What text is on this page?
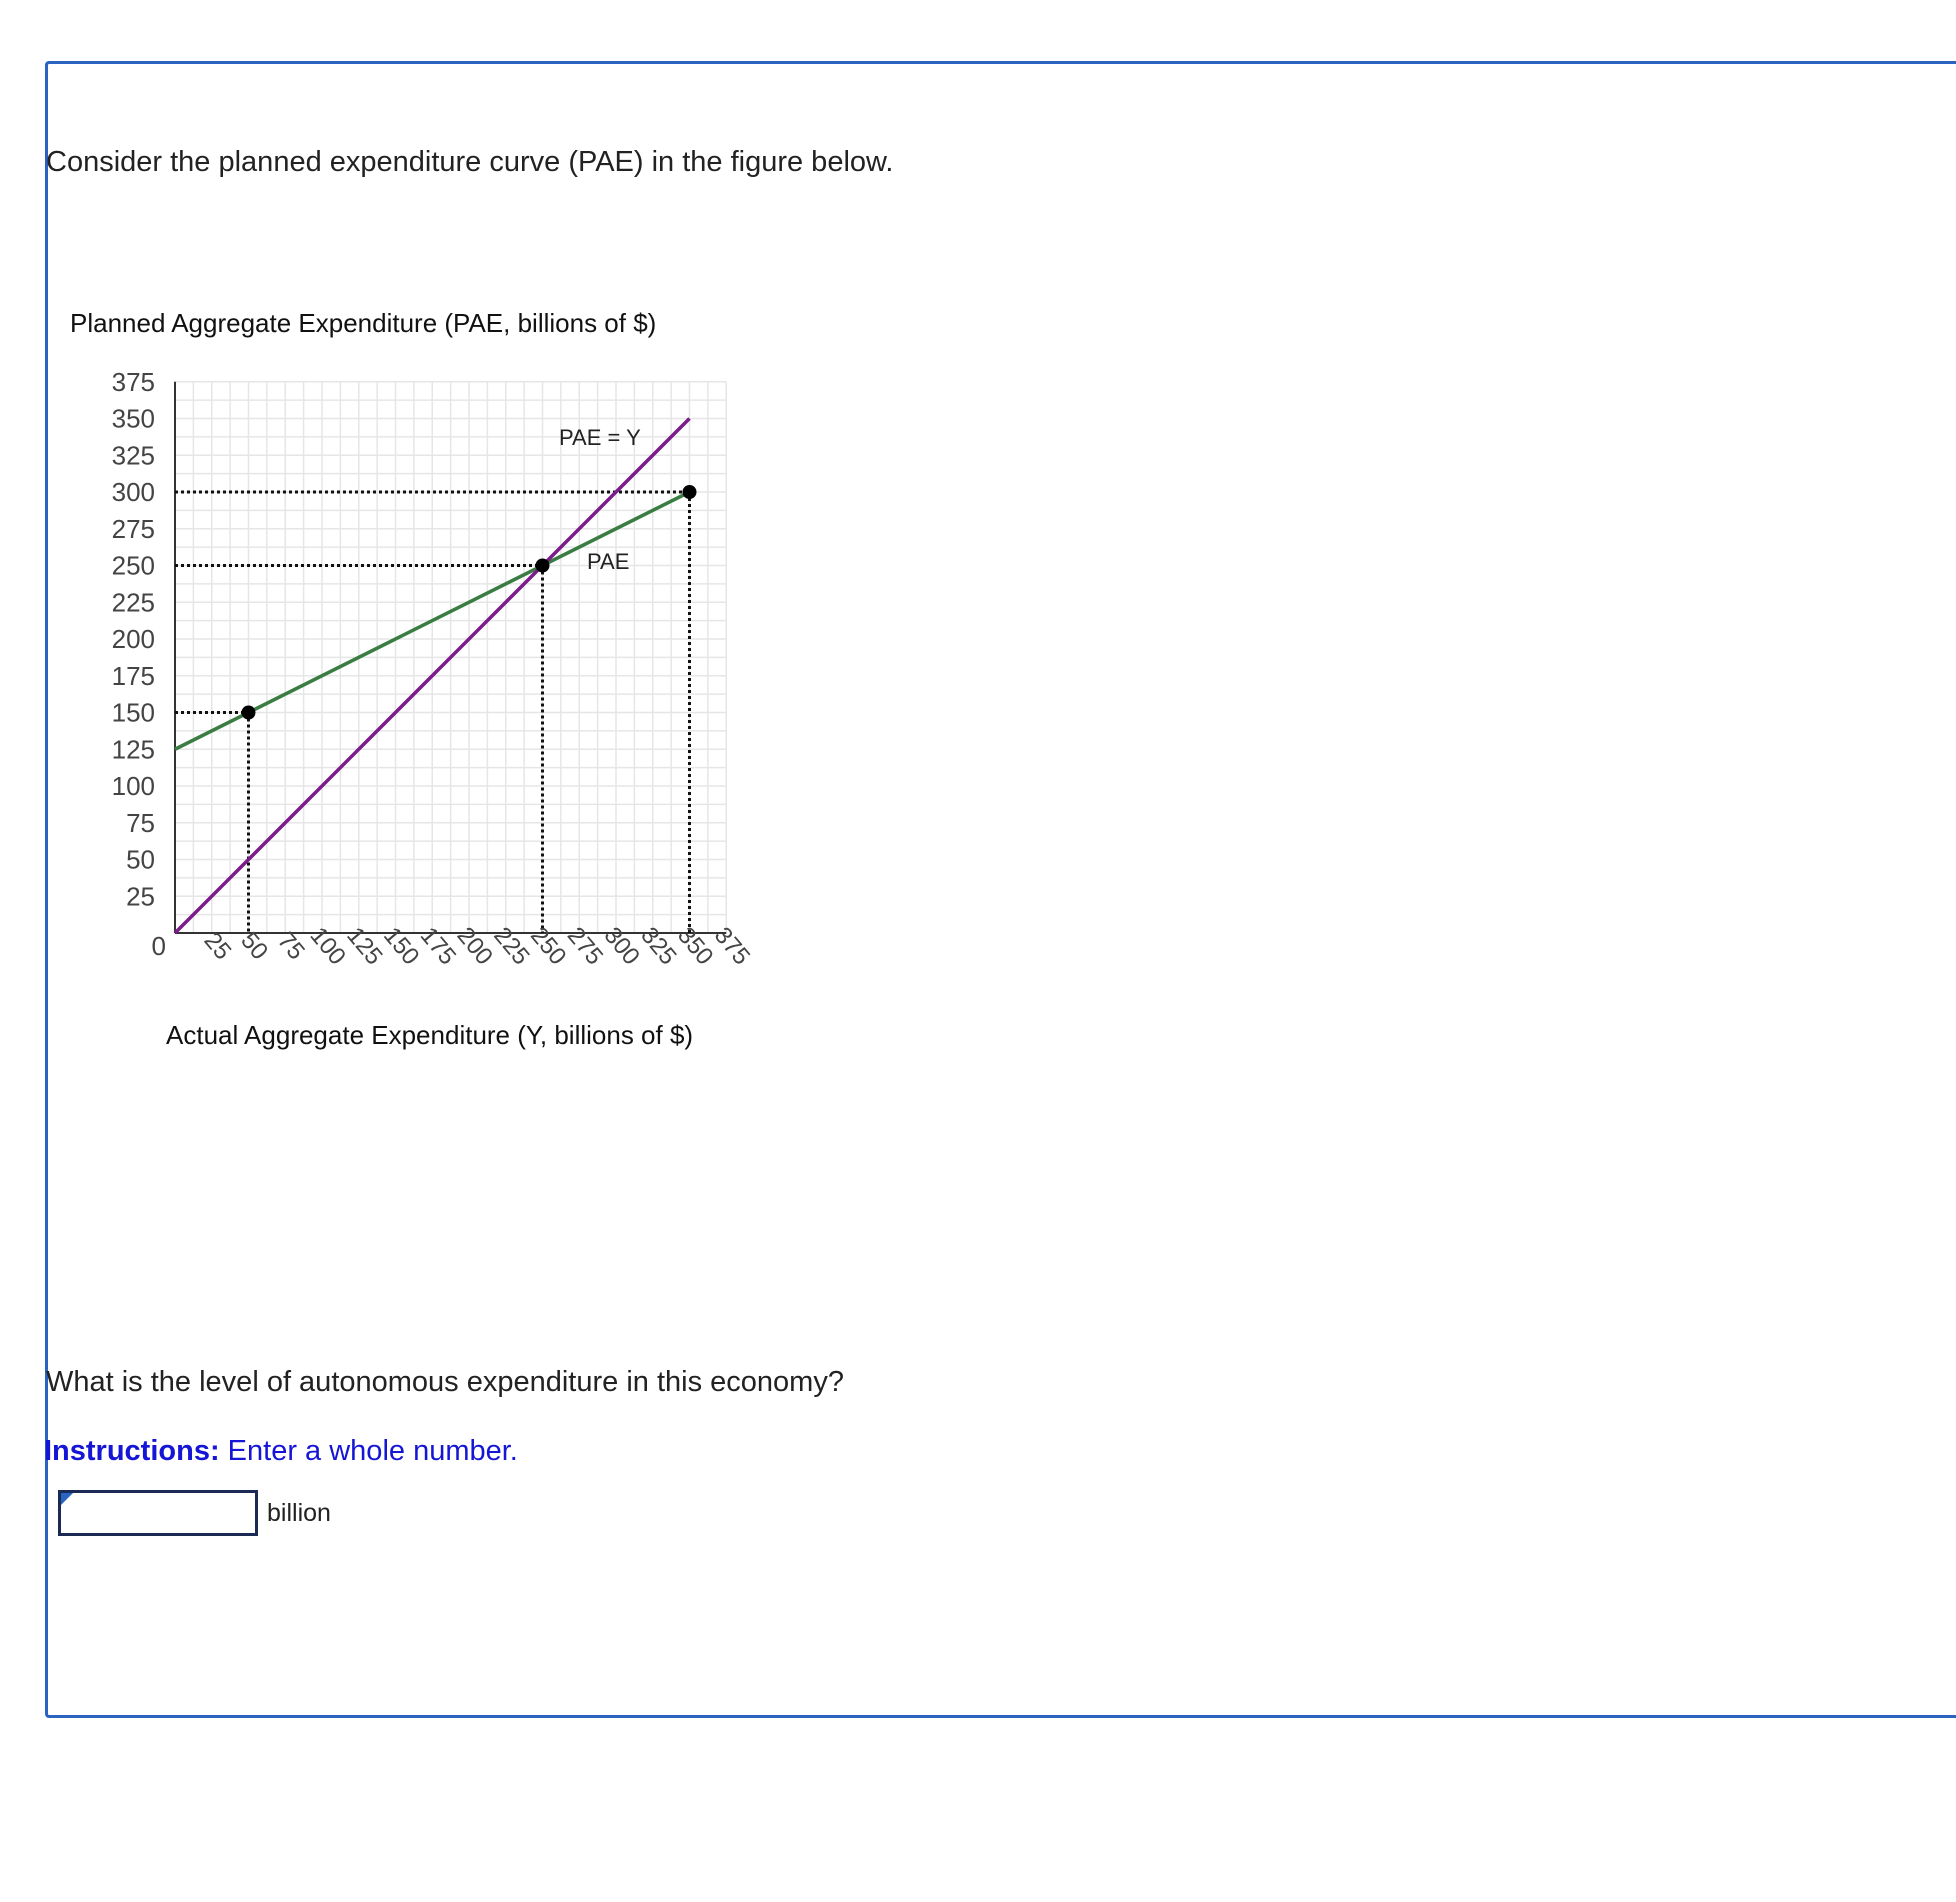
Consider the planned expenditure curve (PAE) in the figure below.
PAE = Y
PAE
25
50
75
100
125
150
175
200
225
250
275
300
325
350
375
0 25
50
75
100
125
150
175
200
225
250
275
300
325
350
375
Planned Aggregate Expenditure (PAE, billions of $)
Actual Aggregate Expenditure (Y, billions of $)
What is the level of autonomous expenditure in this economy?
Instructions: Enter a whole number.
billion
